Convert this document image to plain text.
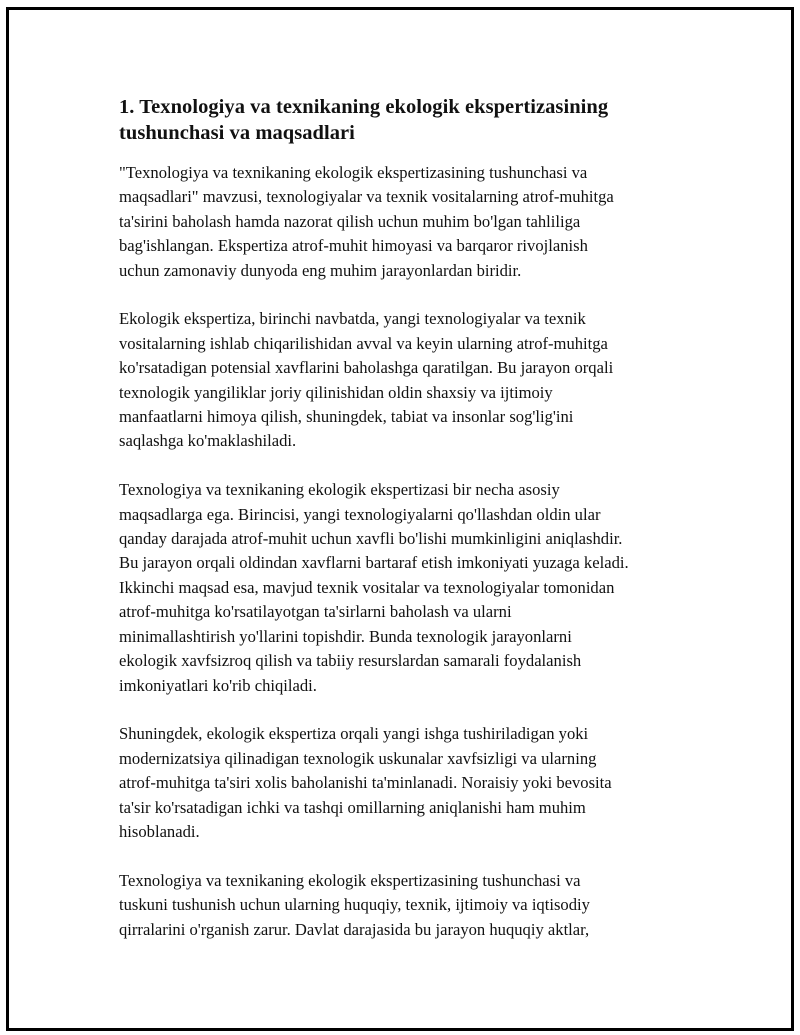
1. Texnologiya va texnikaning ekologik ekspertizasining
tushunchasi va maqsadlari

"Texnologiya va texnikaning ekologik ekspertizasining tushunchasi va
maqsadlari" mavzusi, texnologiyalar va texnik vositalarning atrof-muhitga
ta'sirini baholash hamda nazorat qilish uchun muhim bo'lgan tahliliga
bag'ishlangan. Ekspertiza atrof-muhit himoyasi va barqaror rivojlanish
uchun zamonaviy dunyoda eng muhim jarayonlardan biridir.

Ekologik ekspertiza, birinchi navbatda, yangi texnologiyalar va texnik
vositalarning ishlab chiqarilishidan avval va keyin ularning atrof-muhitga
ko'rsatadigan potensial xavflarini baholashga qaratilgan. Bu jarayon orqali
texnologik yangiliklar joriy qilinishidan oldin shaxsiy va ijtimoiy
manfaatlarni himoya qilish, shuningdek, tabiat va insonlar sog'lig'ini
saqlashga ko'maklashiladi.

Texnologiya va texnikaning ekologik ekspertizasi bir necha asosiy
maqsadlarga ega. Birincisi, yangi texnologiyalarni qo'llashdan oldin ular
qanday darajada atrof-muhit uchun xavfli bo'lishi mumkinligini aniqlashdir.
Bu jarayon orqali oldindan xavflarni bartaraf etish imkoniyati yuzaga keladi.
Ikkinchi maqsad esa, mavjud texnik vositalar va texnologiyalar tomonidan
atrof-muhitga ko'rsatilayotgan ta'sirlarni baholash va ularni
minimallashtirish yo'llarini topishdir. Bunda texnologik jarayonlarni
ekologik xavfsizroq qilish va tabiiy resurslardan samarali foydalanish
imkoniyatlari ko'rib chiqiladi.

Shuningdek, ekologik ekspertiza orqali yangi ishga tushiriladigan yoki
modernizatsiya qilinadigan texnologik uskunalar xavfsizligi va ularning
atrof-muhitga ta'siri xolis baholanishi ta'minlanadi. Noraisiy yoki bevosita
ta'sir ko'rsatadigan ichki va tashqi omillarning aniqlanishi ham muhim
hisoblanadi.

Texnologiya va texnikaning ekologik ekspertizasining tushunchasi va
tuskuni tushunish uchun ularning huquqiy, texnik, ijtimoiy va iqtisodiy
qirralarini o'rganish zarur. Davlat darajasida bu jarayon huquqiy aktlar,
